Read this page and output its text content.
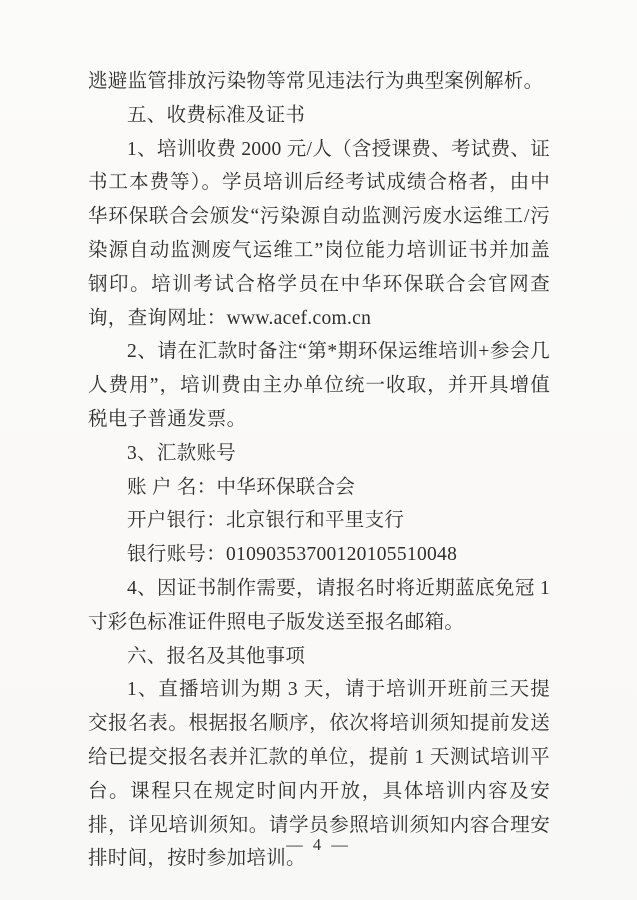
逃避监管排放污染物等常见违法行为典型案例解析。

五、收费标准及证书

1、培训收费 2000 元/人（含授课费、考试费、证书工本费等）。学员培训后经考试成绩合格者，由中华环保联合会颁发“污染源自动监测污废水运维工/污染源自动监测废气运维工”岗位能力培训证书并加盖钢印。培训考试合格学员在中华环保联合会官网查询，查询网址：www.acef.com.cn

2、请在汇款时备注“第*期环保运维培训+参会几人费用”，培训费由主办单位统一收取，并开具增值税电子普通发票。

3、汇款账号

账 户 名：中华环保联合会

开户银行：北京银行和平里支行

银行账号：01090353700120105510048

4、因证书制作需要，请报名时将近期蓝底免冠 1 寸彩色标准证件照电子版发送至报名邮箱。

六、报名及其他事项

1、直播培训为期 3 天，请于培训开班前三天提交报名表。根据报名顺序，依次将培训须知提前发送给已提交报名表并汇款的单位，提前 1 天测试培训平台。课程只在规定时间内开放，具体培训内容及安排，详见培训须知。请学员参照培训须知内容合理安排时间，按时参加培训。

— 4 —
